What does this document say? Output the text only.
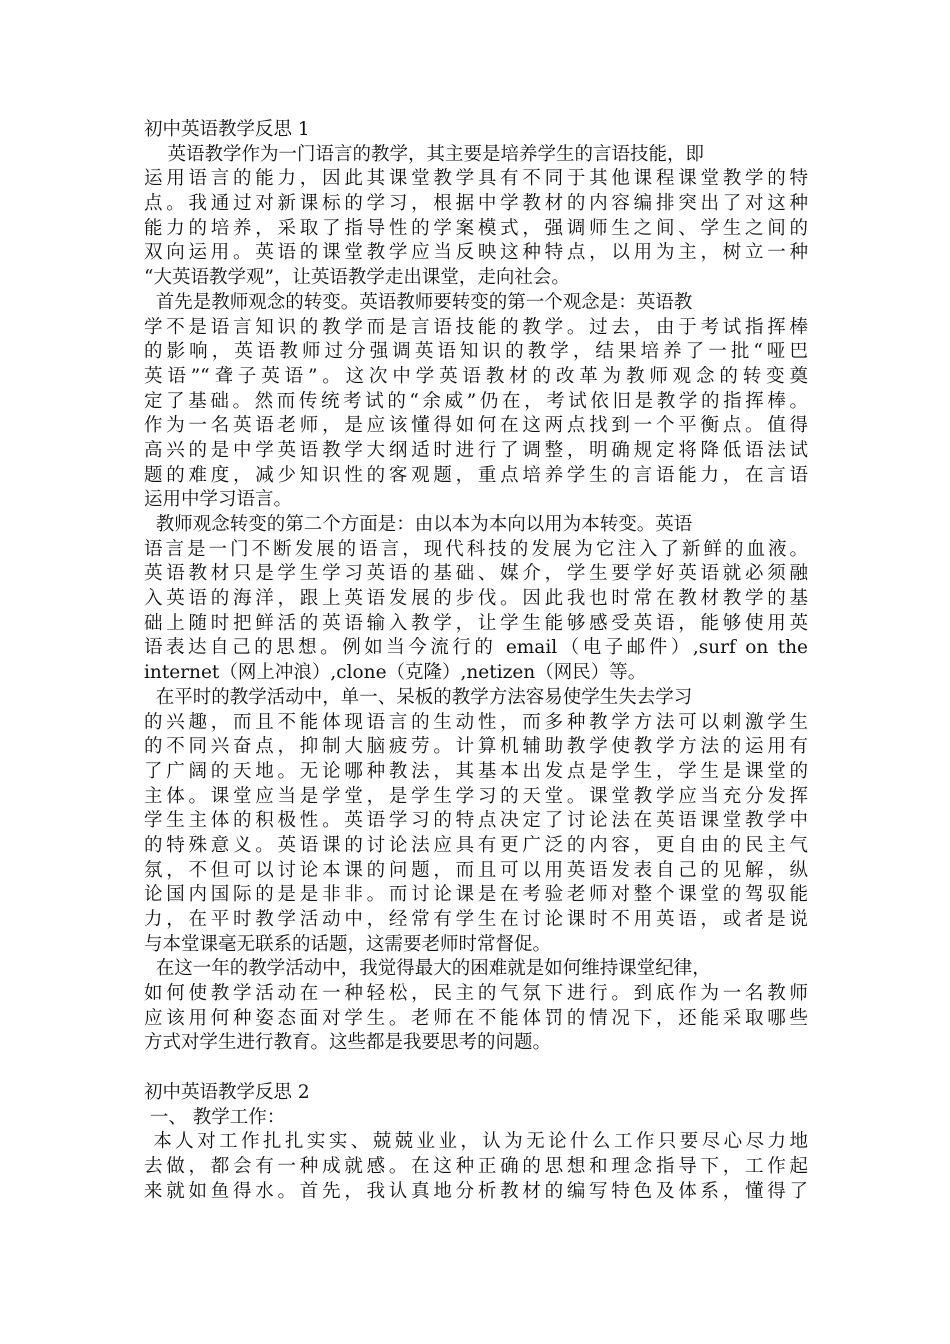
初中英语教学反思 1
英语教学作为一门语言的教学，其主要是培养学生的言语技能，即
运用语言的能力，因此其课堂教学具有不同于其他课程课堂教学的特
点。我通过对新课标的学习，根据中学教材的内容编排突出了对这种
能力的培养，采取了指导性的学案模式，强调师生之间、学生之间的
双向运用。英语的课堂教学应当反映这种特点，以用为主，树立一种
“大英语教学观”，让英语教学走出课堂，走向社会。
首先是教师观念的转变。英语教师要转变的第一个观念是：英语教
学不是语言知识的教学而是言语技能的教学。过去，由于考试指挥棒
的影响，英语教师过分强调英语知识的教学，结果培养了一批“哑巴
英语”“聋子英语”。这次中学英语教材的改革为教师观念的转变奠
定了基础。然而传统考试的“余威”仍在，考试依旧是教学的指挥棒。
作为一名英语老师，是应该懂得如何在这两点找到一个平衡点。值得
高兴的是中学英语教学大纲适时进行了调整，明确规定将降低语法试
题的难度，减少知识性的客观题，重点培养学生的言语能力，在言语
运用中学习语言。
教师观念转变的第二个方面是：由以本为本向以用为本转变。英语
语言是一门不断发展的语言，现代科技的发展为它注入了新鲜的血液。
英语教材只是学生学习英语的基础、媒介，学生要学好英语就必须融
入英语的海洋，跟上英语发展的步伐。因此我也时常在教材教学的基
础上随时把鲜活的英语输入教学，让学生能够感受英语，能够使用英
语表达自己的思想。例如当今流行的 email（电子邮件）,surf on the
internet（网上冲浪）,clone（克隆）,netizen（网民）等。
在平时的教学活动中，单一、呆板的教学方法容易使学生失去学习
的兴趣，而且不能体现语言的生动性，而多种教学方法可以刺激学生
的不同兴奋点，抑制大脑疲劳。计算机辅助教学使教学方法的运用有
了广阔的天地。无论哪种教法，其基本出发点是学生，学生是课堂的
主体。课堂应当是学堂，是学生学习的天堂。课堂教学应当充分发挥
学生主体的积极性。英语学习的特点决定了讨论法在英语课堂教学中
的特殊意义。英语课的讨论法应具有更广泛的内容，更自由的民主气
氛，不但可以讨论本课的问题，而且可以用英语发表自己的见解，纵
论国内国际的是是非非。而讨论课是在考验老师对整个课堂的驾驭能
力，在平时教学活动中，经常有学生在讨论课时不用英语，或者是说
与本堂课毫无联系的话题，这需要老师时常督促。
在这一年的教学活动中，我觉得最大的困难就是如何维持课堂纪律，
如何使教学活动在一种轻松，民主的气氛下进行。到底作为一名教师
应该用何种姿态面对学生。老师在不能体罚的情况下，还能采取哪些
方式对学生进行教育。这些都是我要思考的问题。
初中英语教学反思 2
一、 教学工作：
本人对工作扎扎实实、兢兢业业，认为无论什么工作只要尽心尽力地
去做，都会有一种成就感。在这种正确的思想和理念指导下，工作起
来就如鱼得水。首先，我认真地分析教材的编写特色及体系，懂得了
